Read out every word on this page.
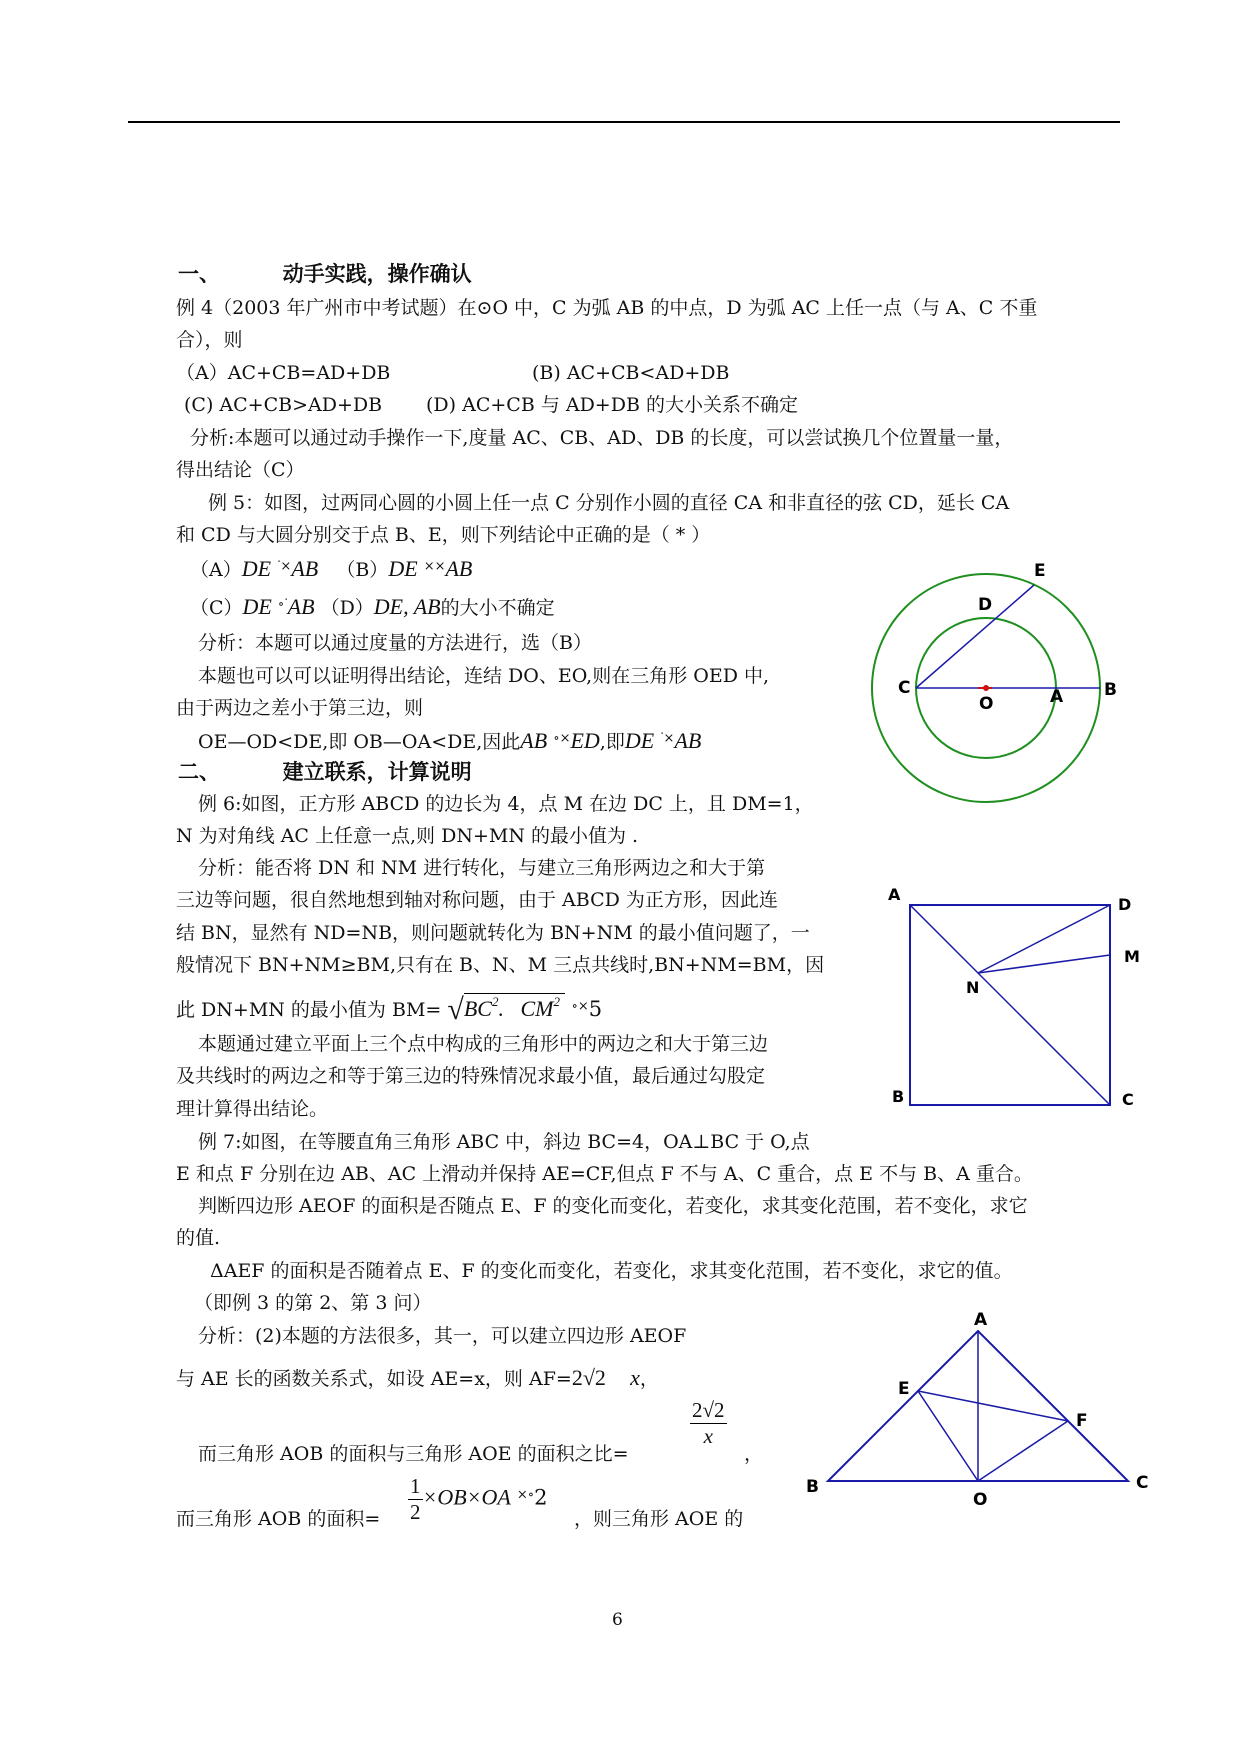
一、	动手实践，操作确认
例 4（2003 年广州市中考试题）在⊙O 中，C 为弧 AB 的中点，D 为弧 AC 上任一点（与 A、C 不重
合），则
（A）AC+CB=AD+DB	(B) AC+CB<AD+DB
(C) AC+CB>AD+DB (D) AC+CB 与 AD+DB 的大小关系不确定
分析:本题可以通过动手操作一下,度量 AC、CB、AD、DB 的长度，可以尝试换几个位置量一量，
得出结论（C）
例 5：如图，过两同心圆的小圆上任一点 C 分别作小圆的直径 CA 和非直径的弦 CD，延长 CA
和 CD 与大圆分别交于点 B、E，则下列结论中正确的是（ * ）
（A）DE $^{ᐝ\times}$AB （B）DE ××AB
（C）DE $^{\circ ᐝ}$AB （D）DE, AB的大小不确定
分析：本题可以通过度量的方法进行，选（B）
本题也可以可以证明得出结论，连结 DO、EO,则在三角形 OED 中,
由于两边之差小于第三边，则
OE—OD<DE,即 OB—OA<DE,因此AB ∘×ED,即DE $^{ᐝ\times}$AB
二、	建立联系，计算说明
例 6:如图，正方形 ABCD 的边长为 4，点 M 在边 DC 上，且 DM=1，
N 为对角线 AC 上任意一点,则 DN+MN 的最小值为 .
分析：能否将 DN 和 NM 进行转化，与建立三角形两边之和大于第
三边等问题，很自然地想到轴对称问题，由于 ABCD 为正方形，因此连
结 BN，显然有 ND=NB，则问题就转化为 BN+NM 的最小值问题了，一
般情况下 BN+NM≥BM,只有在 B、N、M 三点共线时,BN+NM=BM，因
此 DN+MN 的最小值为 $BM= √BC^2$. $CM^2$ ∘×5
本题通过建立平面上三个点中构成的三角形中的两边之和大于第三边
及共线时的两边之和等于第三边的特殊情况求最小值，最后通过勾股定
理计算得出结论。
例 7:如图，在等腰直角三角形 ABC 中，斜边 BC=4，OA⊥BC 于 O,点
E 和点 F 分别在边 AB、AC 上滑动并保持 AE=CF,但点 F 不与 A、C 重合，点 E 不与 B、A 重合。
判断四边形 AEOF 的面积是否随点 E、F 的变化而变化，若变化，求其变化范围，若不变化，求它
的值.
ΔAEF 的面积是否随着点 E、F 的变化而变化，若变化，求其变化范围，若不变化，求它的值。
（即例 3 的第 2、第 3 问）
分析：(2)本题的方法很多，其一，可以建立四边形 AEOF
与 AE 长的函数关系式，如设 AE=x，则 AF=2√2 x，
$\frac{2√2}{x}$
而三角形 AOB 的面积与三角形 AOE 的面积之比=	，
而三角形 AOB 的面积= $\frac{1}{2} \times OB\times OA$ ×∘2
，则三角形 AOE 的
E
D
C
O	A B
A
D
M
N
B	C
A
E
F
B
O
C
6
